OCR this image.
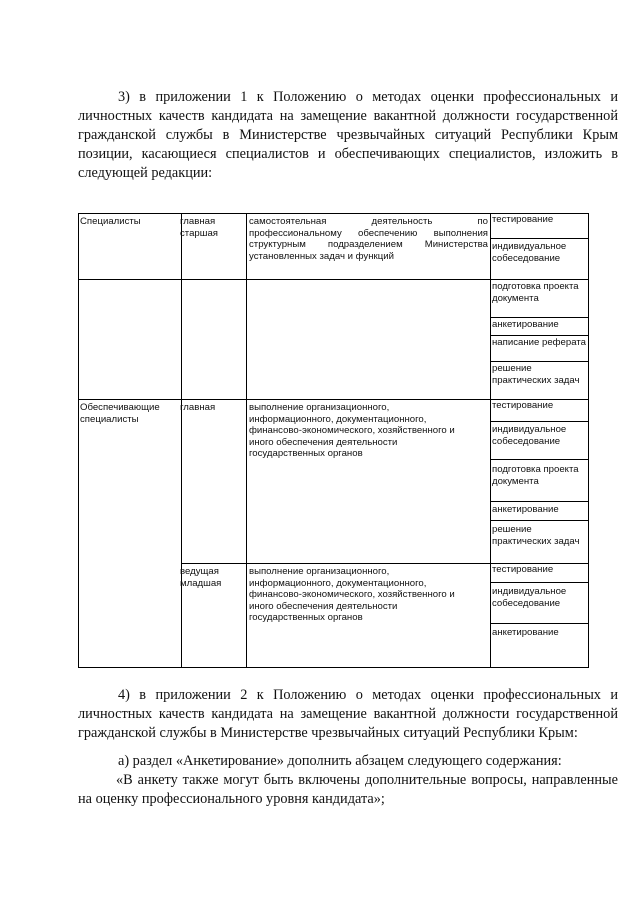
3) в приложении 1 к Положению о методах оценки профессиональных и личностных качеств кандидата на замещение вакантной должности государственной гражданской службы в Министерстве чрезвычайных ситуаций Республики Крым позиции, касающиеся специалистов и обеспечивающих специалистов, изложить в следующей редакции:

Специалисты	главная
старшая
самостоятельная деятельность по
профессиональному обеспечению выполнения
структурным подразделением Министерства
установленных задач и функций
тестирование
индивидуальное собеседование
подготовка проекта документа
анкетирование
написание реферата
решение практических задач
Обеспечивающие
специалисты
главная	выполнение организационного,
информационного, документационного,
финансово-экономического, хозяйственного и
иного обеспечения деятельности
государственных органов
тестирование
индивидуальное собеседование
подготовка проекта документа
анкетирование
решение практических задач
ведущая
младшая
выполнение организационного,
информационного, документационного,
финансово-экономического, хозяйственного и
иного обеспечения деятельности
государственных органов
тестирование
индивидуальное собеседование
анкетирование

4) в приложении 2 к Положению о методах оценки профессиональных и личностных качеств кандидата на замещение вакантной должности государственной гражданской службы в Министерстве чрезвычайных ситуаций Республики Крым:

а) раздел «Анкетирование» дополнить абзацем следующего содержания:

«В анкету также могут быть включены дополнительные вопросы, направленные на оценку профессионального уровня кандидата»;
